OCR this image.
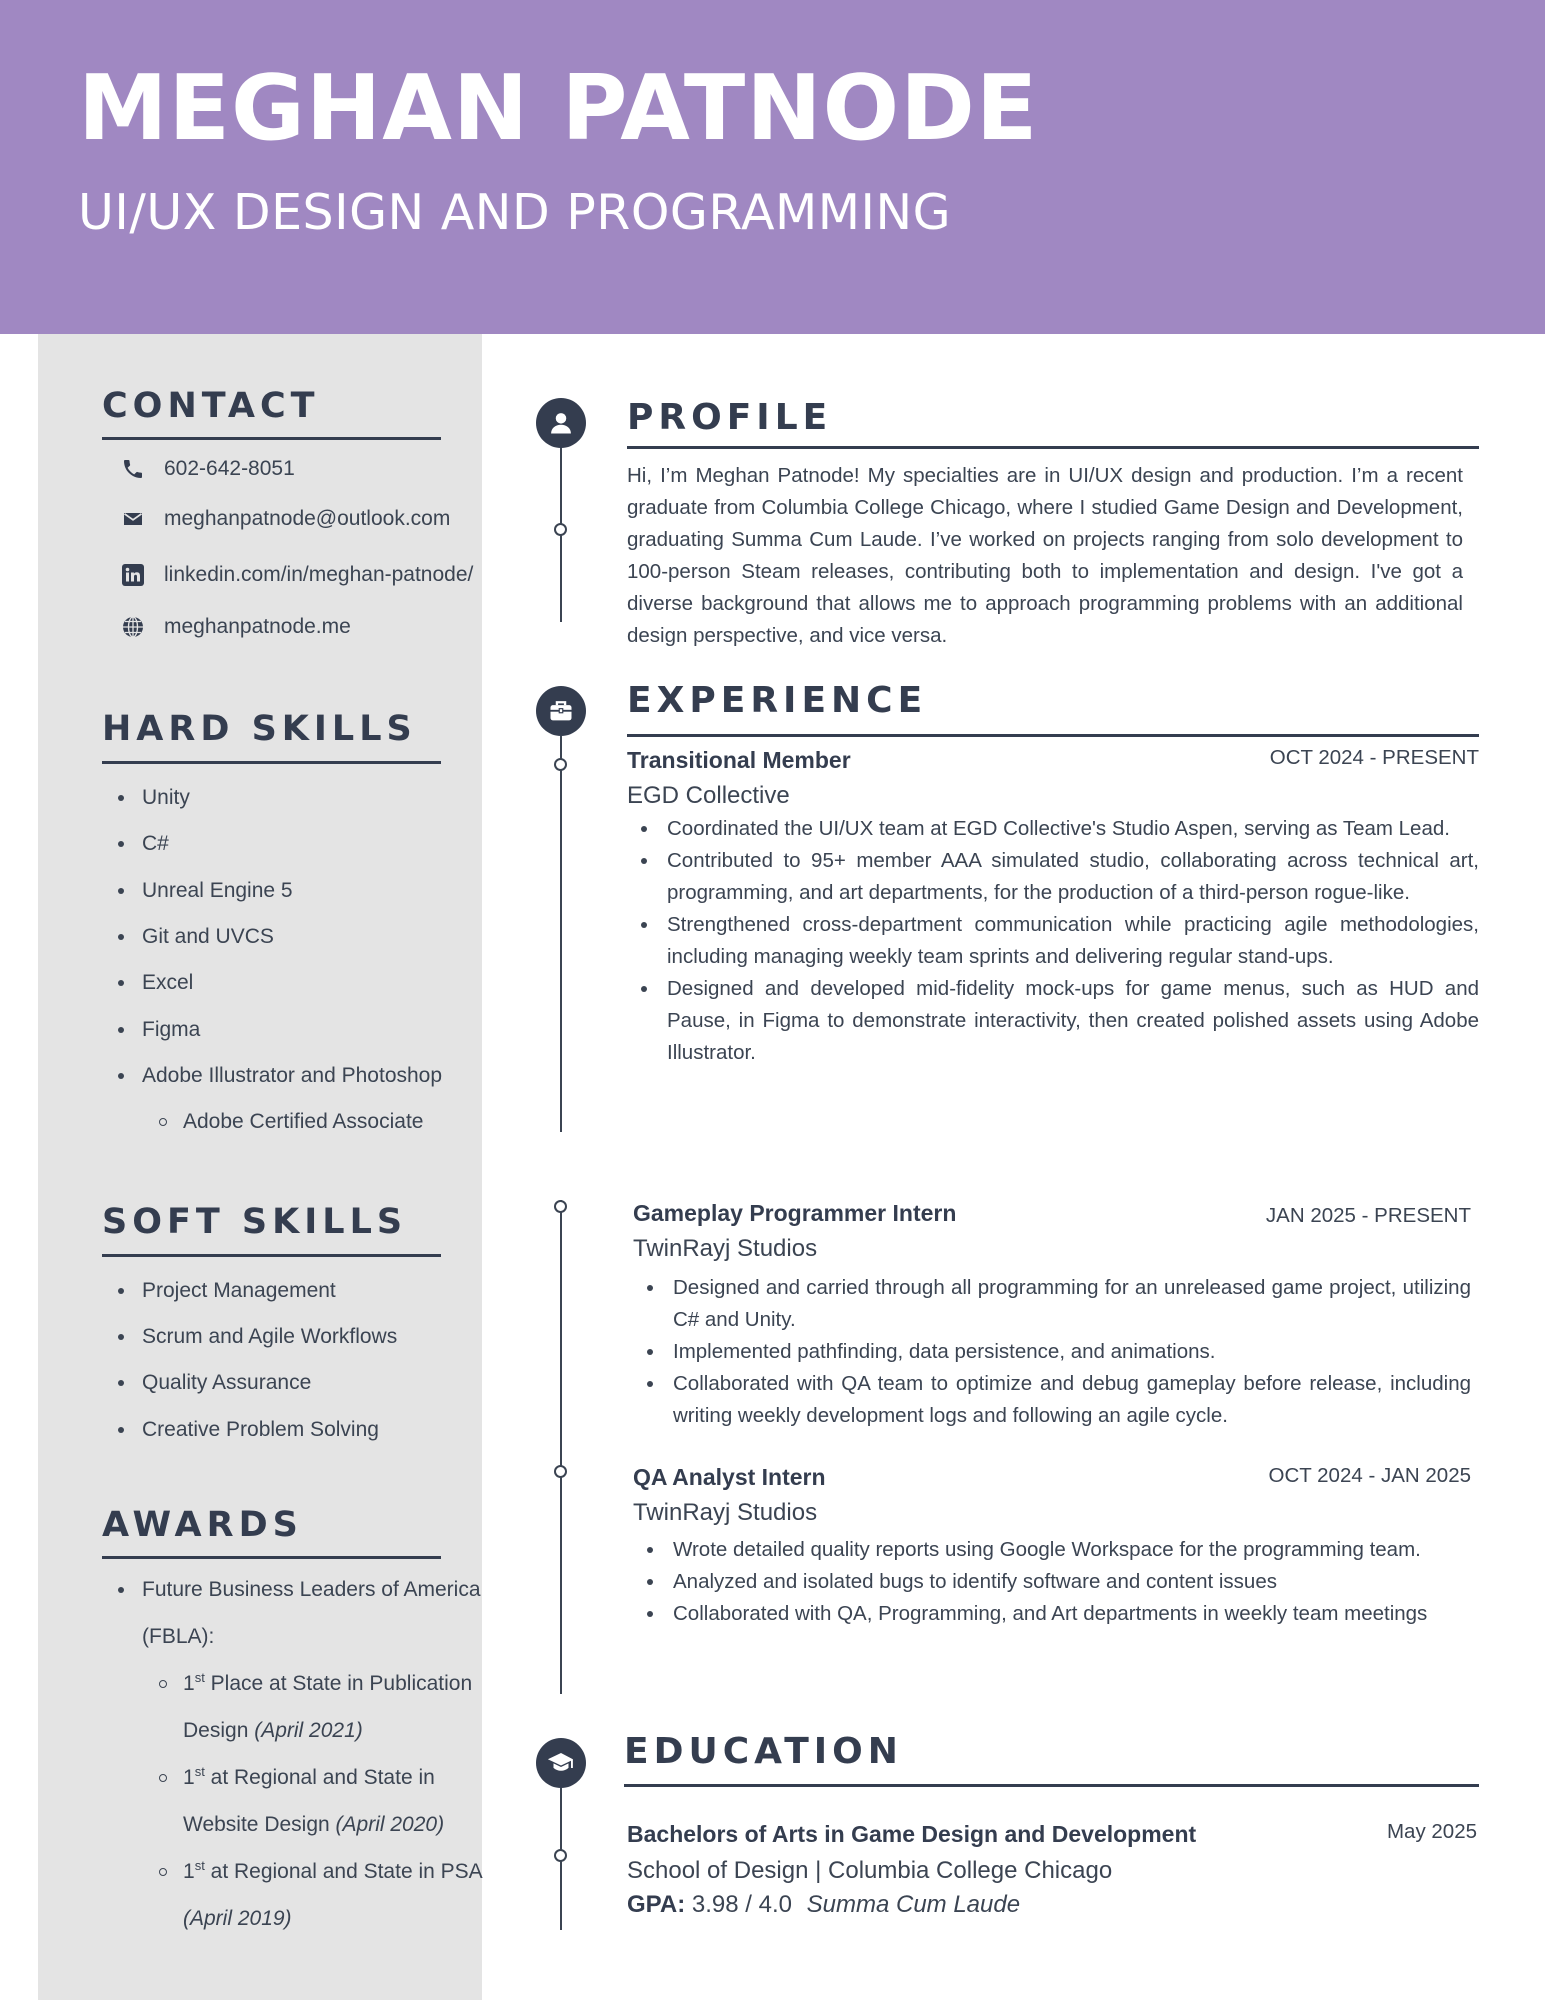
MEGHAN PATNODE
UI/UX DESIGN AND PROGRAMMING
CONTACT
602-642-8051
meghanpatnode@outlook.com
linkedin.com/in/meghan-patnode/
meghanpatnode.me
HARD SKILLS
Unity
C#
Unreal Engine 5
Git and UVCS
Excel
Figma
Adobe Illustrator and Photoshop
Adobe Certified Associate
SOFT SKILLS
Project Management
Scrum and Agile Workflows
Quality Assurance
Creative Problem Solving
AWARDS
Future Business Leaders of America
(FBLA):
1st Place at State in Publication
Design (April 2021)
1st at Regional and State in
Website Design (April 2020)
1st at Regional and State in PSA
(April 2019)
PROFILE
Hi, I’m Meghan Patnode! My specialties are in UI/UX design and production. I’m a recent graduate from Columbia College Chicago, where I studied Game Design and Development, graduating Summa Cum Laude. I’ve worked on projects ranging from solo development to 100-person Steam releases, contributing both to implementation and design. I've got a diverse background that allows me to approach programming problems with an additional design perspective, and vice versa.
EXPERIENCE
Transitional Member	OCT 2024 - PRESENT
EGD Collective
Coordinated the UI/UX team at EGD Collective's Studio Aspen, serving as Team Lead.
Contributed to 95+ member AAA simulated studio, collaborating across technical art, programming, and art departments, for the production of a third-person rogue-like.
Strengthened cross-department communication while practicing agile methodologies, including managing weekly team sprints and delivering regular stand-ups.
Designed and developed mid-fidelity mock-ups for game menus, such as HUD and Pause, in Figma to demonstrate interactivity, then created polished assets using Adobe Illustrator.
Gameplay Programmer Intern	JAN 2025 - PRESENT
TwinRayj Studios
Designed and carried through all programming for an unreleased game project, utilizing C# and Unity.
Implemented pathfinding, data persistence, and animations.
Collaborated with QA team to optimize and debug gameplay before release, including writing weekly development logs and following an agile cycle.
QA Analyst Intern	OCT 2024 - JAN 2025
TwinRayj Studios
Wrote detailed quality reports using Google Workspace for the programming team.
Analyzed and isolated bugs to identify software and content issues
Collaborated with QA, Programming, and Art departments in weekly team meetings
EDUCATION
Bachelors of Arts in Game Design and Development	May 2025
School of Design | Columbia College Chicago
GPA: 3.98 / 4.0 Summa Cum Laude
